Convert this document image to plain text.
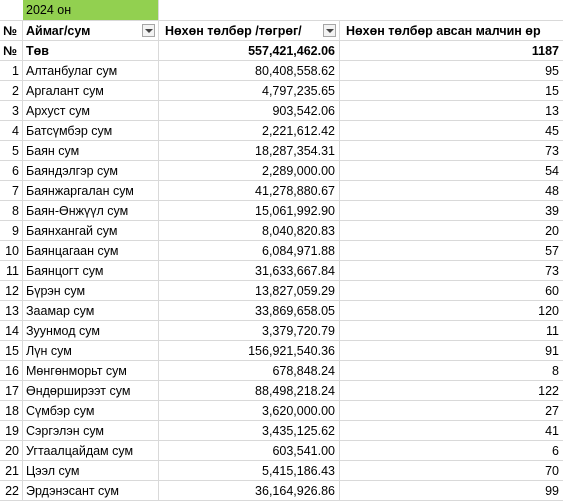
2024 он
№ Аймаг/сум	Нөхөн төлбөр /төгрөг/	Нөхөн төлбөр авсан малчин өр
№ Төв	557,421,462.06	1187
1 Алтанбулаг сум	80,408,558.62	95
2 Аргалант сум	4,797,235.65	15
3 Архуст сум	903,542.06	13
4 Батсүмбэр сум	2,221,612.42	45
5 Баян сум	18,287,354.31	73
6 Баяндэлгэр сум	2,289,000.00	54
7 Баянжаргалан сум	41,278,880.67	48
8 Баян-Өнжүүл сум	15,061,992.90	39
9 Баянхангай сум	8,040,820.83	20
10 Баянцагаан сум	6,084,971.88	57
11 Баянцогт сум	31,633,667.84	73
12 Бүрэн сум	13,827,059.29	60
13 Заамар сум	33,869,658.05	120
14 Зуунмод сум	3,379,720.79	11
15 Лүн сум	156,921,540.36	91
16 Мөнгөнморьт сум	678,848.24	8
17 Өндөрширээт сум	88,498,218.24	122
18 Сүмбэр сум	3,620,000.00	27
19 Сэргэлэн сум	3,435,125.62	41
20 Угтаалцайдам сум	603,541.00	6
21 Цээл сум	5,415,186.43	70
22 Эрдэнэсант сум	36,164,926.86	99
